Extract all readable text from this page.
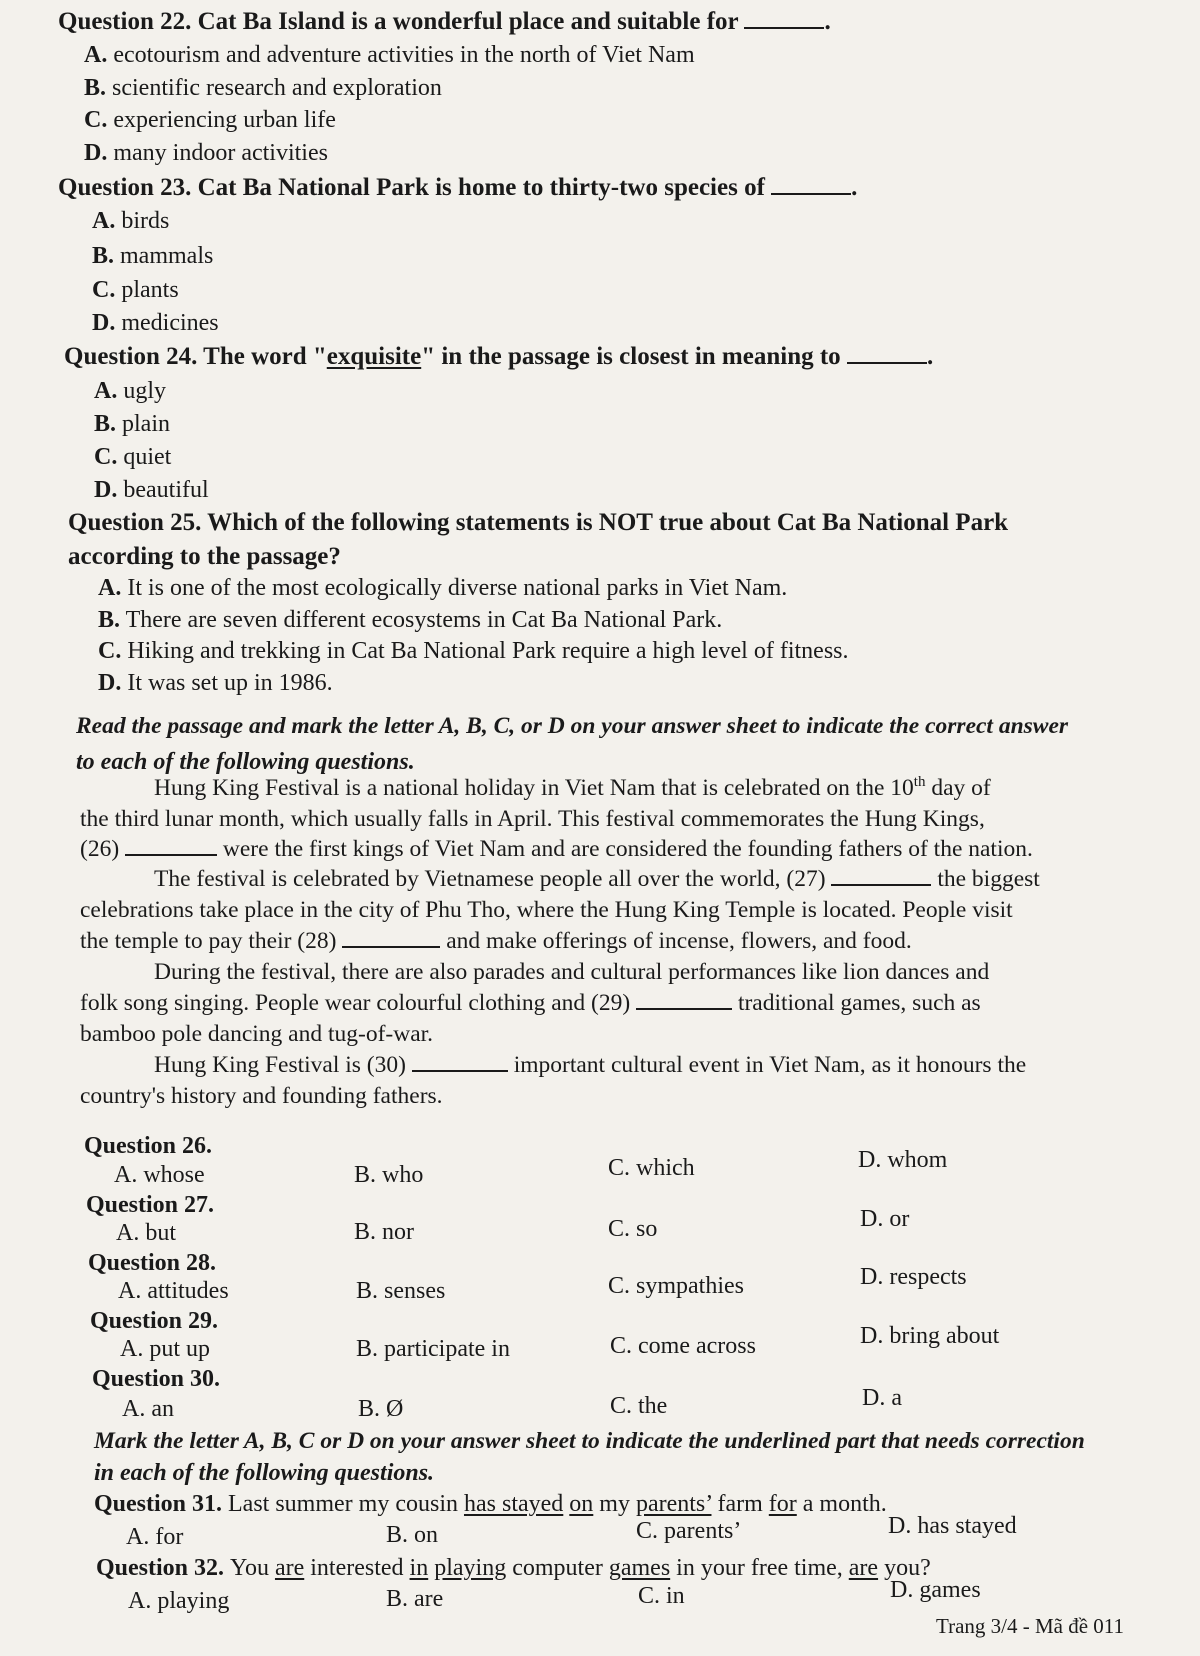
Question 22. Cat Ba Island is a wonderful place and suitable for	.
A. ecotourism and adventure activities in the north of Viet Nam
B. scientific research and exploration
C. experiencing urban life
D. many indoor activities
Question 23. Cat Ba National Park is home to thirty-two species of	.
A. birds
B. mammals
C. plants
D. medicines
Question 24. The word "exquisite" in the passage is closest in meaning to	.
A. ugly
B. plain
C. quiet
D. beautiful
Question 25. Which of the following statements is NOT true about Cat Ba National Park
according to the passage?
A. It is one of the most ecologically diverse national parks in Viet Nam.
B. There are seven different ecosystems in Cat Ba National Park.
C. Hiking and trekking in Cat Ba National Park require a high level of fitness.
D. It was set up in 1986.
Read the passage and mark the letter A, B, C, or D on your answer sheet to indicate the correct answer
to each of the following questions.
Hung King Festival is a national holiday in Viet Nam that is celebrated on the 10th day of
the third lunar month, which usually falls in April. This festival commemorates the Hung Kings,
(26)	were the first kings of Viet Nam and are considered the founding fathers of the nation.
The festival is celebrated by Vietnamese people all over the world, (27)	the biggest
celebrations take place in the city of Phu Tho, where the Hung King Temple is located. People visit
the temple to pay their (28)	and make offerings of incense, flowers, and food.
During the festival, there are also parades and cultural performances like lion dances and
folk song singing. People wear colourful clothing and (29)	traditional games, such as
bamboo pole dancing and tug-of-war.
Hung King Festival is (30)	important cultural event in Viet Nam, as it honours the
country's history and founding fathers.
Question 26.
A. whose	B. who	C. which	D. whom
Question 27.
A. but	B. nor	C. so	D. or
Question 28.
A. attitudes	B. senses	C. sympathies	D. respects
Question 29.
A. put up	B. participate in	C. come across	D. bring about
Question 30.
A. an	B. Ø	C. the	D. a
Mark the letter A, B, C or D on your answer sheet to indicate the underlined part that needs correction
in each of the following questions.
Question 31. Last summer my cousin has stayed on my parents’ farm for a month.
A. for	B. on	C. parents’	D. has stayed
Question 32. You are interested in playing computer games in your free time, are you?
A. playing	B. are	C. in	D. games
Trang 3/4 - Mã đề 011
